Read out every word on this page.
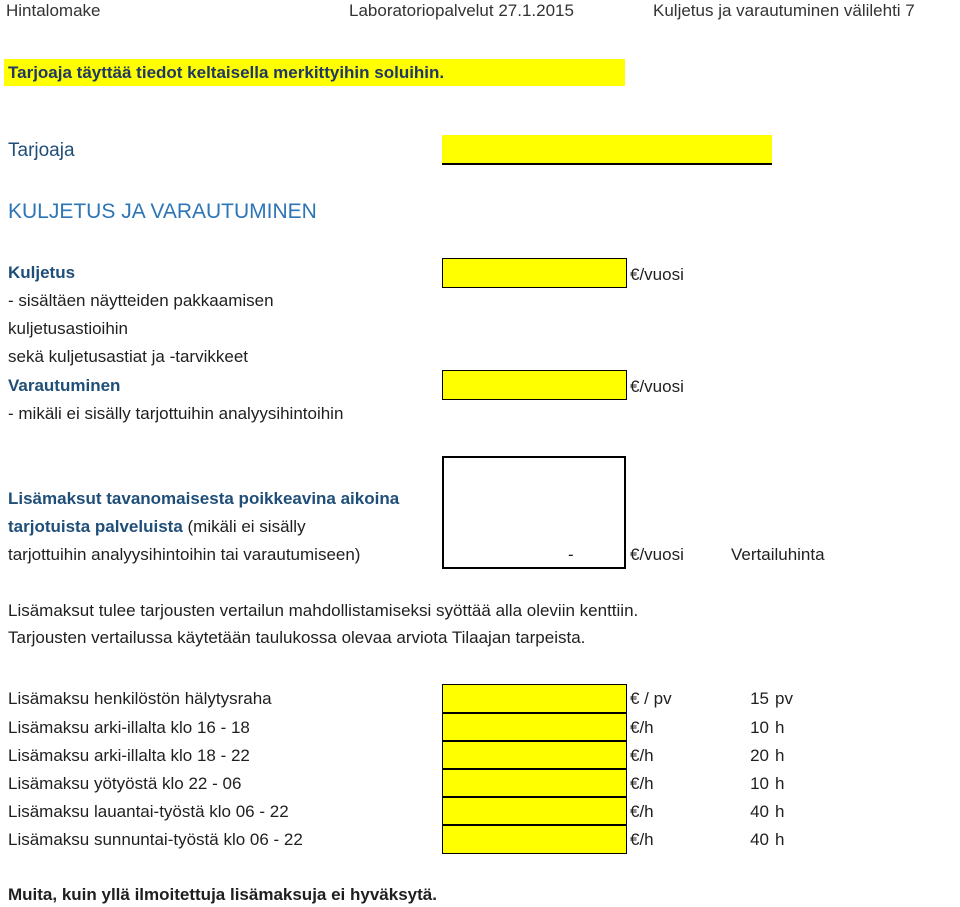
Hintalomake	Laboratoriopalvelut 27.1.2015	Kuljetus ja varautuminen välilehti 7
Tarjoaja täyttää tiedot keltaisella merkittyihin soluihin.
Tarjoaja
KULJETUS JA VARAUTUMINEN
Kuljetus
- sisältäen näytteiden pakkaamisen
kuljetusastioihin
sekä kuljetusastiat ja -tarvikkeet
€/vuosi
Varautuminen
- mikäli ei sisälly tarjottuihin analyysihintoihin
€/vuosi
Lisämaksut tavanomaisesta poikkeavina aikoina
tarjotuista palveluista (mikäli ei sisälly
tarjottuihin analyysihintoihin tai varautumiseen)	-	€/vuosi	Vertailuhinta
Lisämaksut tulee tarjousten vertailun mahdollistamiseksi syöttää alla oleviin kenttiin.
Tarjousten vertailussa käytetään taulukossa olevaa arviota Tilaajan tarpeista.
Lisämaksu henkilöstön hälytysraha	€ / pv	15 pv
Lisämaksu arki-illalta klo 16 - 18	€/h	10 h
Lisämaksu arki-illalta klo 18 - 22	€/h	20 h
Lisämaksu yötyöstä klo 22 - 06	€/h	10 h
Lisämaksu lauantai-työstä klo 06 - 22	€/h	40 h
Lisämaksu sunnuntai-työstä klo 06 - 22	€/h	40 h
Muita, kuin yllä ilmoitettuja lisämaksuja ei hyväksytä.
